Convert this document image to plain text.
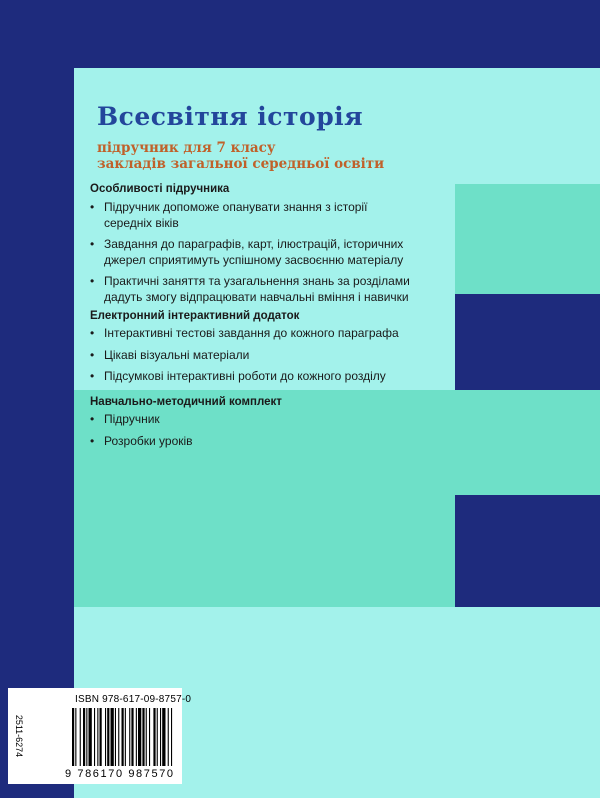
Всесвітня історія
підручник для 7 класу
закладів загальної середньої освіти
Особливості підручника
• Підручник допоможе опанувати знання з історії
середніх віків
• Завдання до параграфів, карт, ілюстрацій, історичних
джерел сприятимуть успішному засвоєнню матеріалу
• Практичні заняття та узагальнення знань за розділами
дадуть змогу відпрацювати навчальні вміння і навички
Електронний інтерактивний додаток
• Інтерактивні тестові завдання до кожного параграфа
• Цікаві візуальні матеріали
• Підсумкові інтерактивні роботи до кожного розділу
Навчально-методичний комплект
• Підручник
• Розробки уроків
ISBN 978-617-09-8757-0
2511-6274
9 786170 987570
